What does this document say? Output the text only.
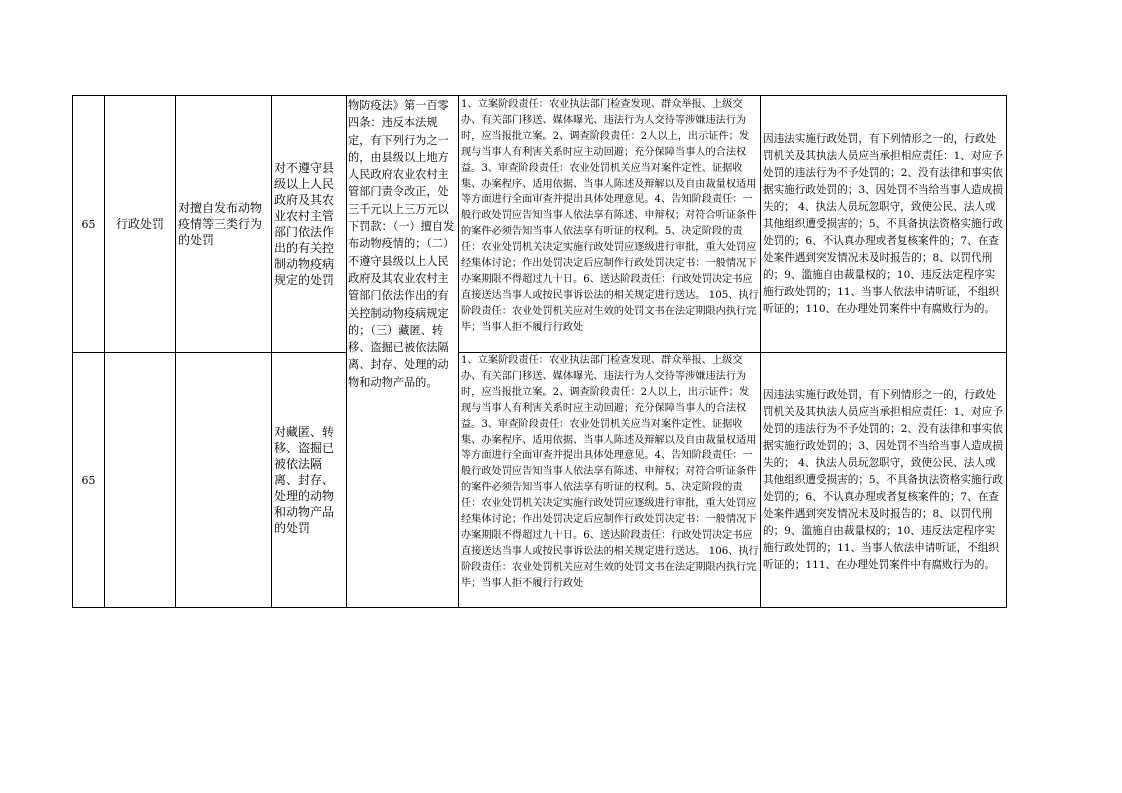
65 行政处罚
对擅自发布动物疫情等三类行为的处罚
对不遵守县级以上人民政府及其农业农村主管部门依法作出的有关控制动物疫病规定的处罚
物防疫法》第一百零四条：违反本法规定，有下列行为之一的，由县级以上地方人民政府农业农村主管部门责令改正，处三千元以上三万元以下罚款：（一）擅自发布动物疫情的；（二）不遵守县级以上人民政府及其农业农村主管部门依法作出的有关控制动物疫病规定的；（三）藏匿、转移、盗掘已被依法隔离、封存、处理的动物和动物产品的。
1、立案阶段责任：农业执法部门检查发现、群众举报、上级交办、有关部门移送、媒体曝光、违法行为人交待等涉嫌违法行为时，应当报批立案。2、调查阶段责任：2人以上，出示证件；发现与当事人有利害关系时应主动回避；充分保障当事人的合法权益。3、审查阶段责任：农业处罚机关应当对案件定性、证据收集、办案程序、适用依据、当事人陈述及辩解以及自由裁量权适用等方面进行全面审查并提出具体处理意见。4、告知阶段责任：一般行政处罚应告知当事人依法享有陈述、申辩权；对符合听证条件的案件必须告知当事人依法享有听证的权利。5、决定阶段的责任：农业处罚机关决定实施行政处罚应逐级进行审批，重大处罚应经集体讨论；作出处罚决定后应制作行政处罚决定书：一般情况下办案期限不得超过九十日。6、送达阶段责任：行政处罚决定书应直接送达当事人或按民事诉讼法的相关规定进行送达。 105、执行阶段责任：农业处罚机关应对生效的处罚文书在法定期限内执行完毕；当事人拒不履行行政处
因违法实施行政处罚，有下列情形之一的，行政处罚机关及其执法人员应当承担相应责任：1、对应予处罚的违法行为不予处罚的；2、没有法律和事实依据实施行政处罚的；3、因处罚不当给当事人造成损失的； 4、执法人员玩忽职守，致使公民、法人或其他组织遭受损害的；5、不具备执法资格实施行政处罚的；6、不认真办理或者复核案件的；7、在查处案件遇到突发情况未及时报告的；8、以罚代刑的；9、滥施自由裁量权的；10、违反法定程序实施行政处罚的；11、当事人依法申请听证，不组织听证的；110、在办理处罚案件中有腐败行为的。
65
对藏匿、转移、盗掘已被依法隔离、封存、处理的动物和动物产品的处罚
1、立案阶段责任：农业执法部门检查发现、群众举报、上级交办、有关部门移送、媒体曝光、违法行为人交待等涉嫌违法行为时，应当报批立案。2、调查阶段责任：2人以上，出示证件；发现与当事人有利害关系时应主动回避；充分保障当事人的合法权益。3、审查阶段责任：农业处罚机关应当对案件定性、证据收集、办案程序、适用依据、当事人陈述及辩解以及自由裁量权适用等方面进行全面审查并提出具体处理意见。4、告知阶段责任：一般行政处罚应告知当事人依法享有陈述、申辩权；对符合听证条件的案件必须告知当事人依法享有听证的权利。5、决定阶段的责任：农业处罚机关决定实施行政处罚应逐级进行审批，重大处罚应经集体讨论；作出处罚决定后应制作行政处罚决定书：一般情况下办案期限不得超过九十日。6、送达阶段责任：行政处罚决定书应直接送达当事人或按民事诉讼法的相关规定进行送达。 106、执行阶段责任：农业处罚机关应对生效的处罚文书在法定期限内执行完毕；当事人拒不履行行政处
因违法实施行政处罚，有下列情形之一的，行政处罚机关及其执法人员应当承担相应责任：1、对应予处罚的违法行为不予处罚的；2、没有法律和事实依据实施行政处罚的；3、因处罚不当给当事人造成损失的； 4、执法人员玩忽职守，致使公民、法人或其他组织遭受损害的；5、不具备执法资格实施行政处罚的；6、不认真办理或者复核案件的；7、在查处案件遇到突发情况未及时报告的；8、以罚代刑的；9、滥施自由裁量权的；10、违反法定程序实施行政处罚的；11、当事人依法申请听证，不组织听证的；111、在办理处罚案件中有腐败行为的。
